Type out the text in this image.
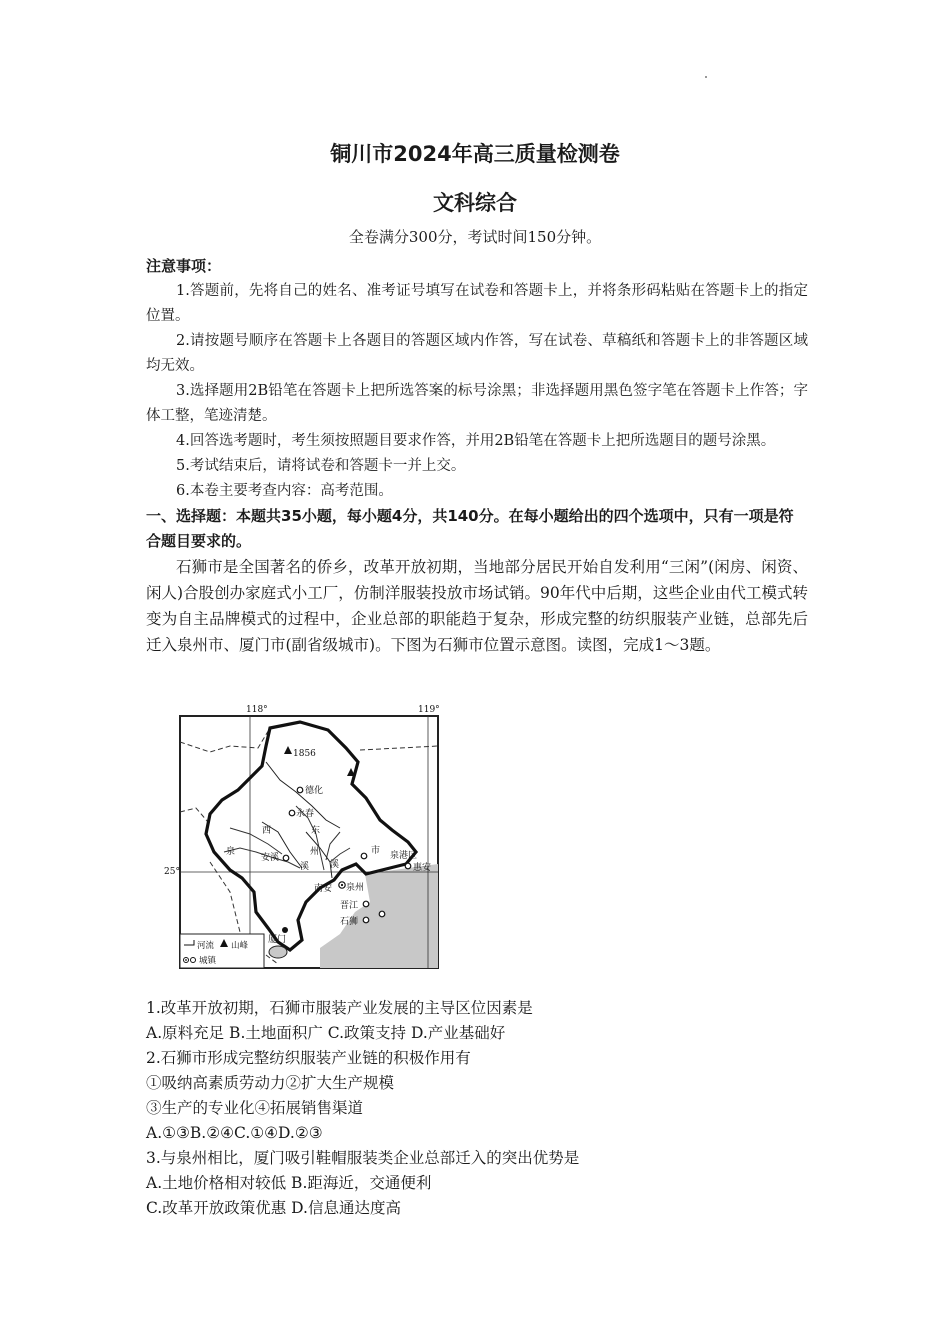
铜川市2024年高三质量检测卷
文科综合
全卷满分300分，考试时间150分钟。
注意事项：
1.答题前，先将自己的姓名、准考证号填写在试卷和答题卡上，并将条形码粘贴在答题卡上的指定位置。
2.请按题号顺序在答题卡上各题目的答题区域内作答，写在试卷、草稿纸和答题卡上的非答题区域均无效。
3.选择题用2B铅笔在答题卡上把所选答案的标号涂黑；非选择题用黑色签字笔在答题卡上作答；字体工整，笔迹清楚。
4.回答选考题时，考生须按照题目要求作答，并用2B铅笔在答题卡上把所选题目的题号涂黑。
5.考试结束后，请将试卷和答题卡一并上交。
6.本卷主要考查内容：高考范围。
一、选择题：本题共35小题，每小题4分，共140分。在每小题给出的四个选项中，只有一项是符合题目要求的。
石狮市是全国著名的侨乡，改革开放初期，当地部分居民开始自发利用“三闲”(闲房、闲资、闲人)合股创办家庭式小工厂，仿制洋服装投放市场试销。90年代中后期，这些企业由代工模式转变为自主品牌模式的过程中，企业总部的职能趋于复杂，形成完整的纺织服装产业链，总部先后迁入泉州市、厦门市(副省级城市)。下图为石狮市位置示意图。读图，完成1～3题。
118°	119°
25°
1856
德化
永春
西	东
泉
安溪
州
溪 溪
市 泉港区
惠安
南安 泉州
晋江
石狮
厦门
河流 山峰
城镇
1.改革开放初期，石狮市服装产业发展的主导区位因素是
A.原料充足 B.土地面积广 C.政策支持 D.产业基础好
2.石狮市形成完整纺织服装产业链的积极作用有
①吸纳高素质劳动力②扩大生产规模
③生产的专业化④拓展销售渠道
A.①③B.②④C.①④D.②③
3.与泉州相比，厦门吸引鞋帽服装类企业总部迁入的突出优势是
A.土地价格相对较低 B.距海近，交通便利
C.改革开放政策优惠 D.信息通达度高
